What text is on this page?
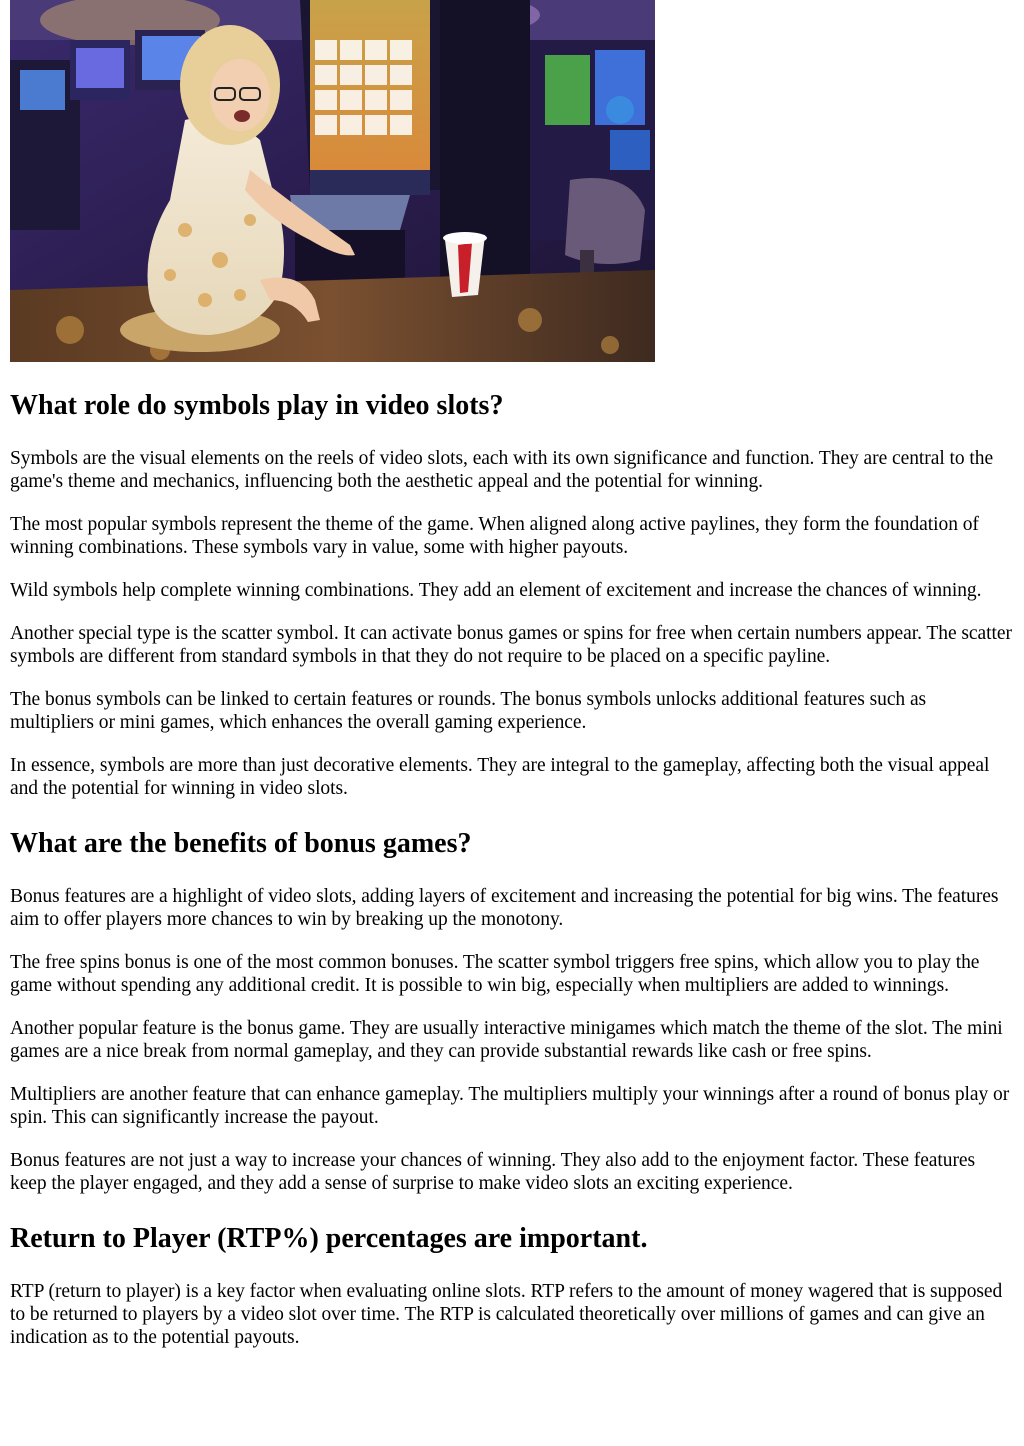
What role do symbols play in video slots?

Symbols are the visual elements on the reels of video slots, each with its own significance and function. They are central to the game's theme and mechanics, influencing both the aesthetic appeal and the potential for winning.

The most popular symbols represent the theme of the game. When aligned along active paylines, they form the foundation of winning combinations. These symbols vary in value, some with higher payouts.

Wild symbols help complete winning combinations. They add an element of excitement and increase the chances of winning.

Another special type is the scatter symbol. It can activate bonus games or spins for free when certain numbers appear. The scatter symbols are different from standard symbols in that they do not require to be placed on a specific payline.

The bonus symbols can be linked to certain features or rounds. The bonus symbols unlocks additional features such as multipliers or mini games, which enhances the overall gaming experience.

In essence, symbols are more than just decorative elements. They are integral to the gameplay, affecting both the visual appeal and the potential for winning in video slots.

What are the benefits of bonus games?

Bonus features are a highlight of video slots, adding layers of excitement and increasing the potential for big wins. The features aim to offer players more chances to win by breaking up the monotony.

The free spins bonus is one of the most common bonuses. The scatter symbol triggers free spins, which allow you to play the game without spending any additional credit. It is possible to win big, especially when multipliers are added to winnings.

Another popular feature is the bonus game. They are usually interactive minigames which match the theme of the slot. The mini games are a nice break from normal gameplay, and they can provide substantial rewards like cash or free spins.

Multipliers are another feature that can enhance gameplay. The multipliers multiply your winnings after a round of bonus play or spin. This can significantly increase the payout.

Bonus features are not just a way to increase your chances of winning. They also add to the enjoyment factor. These features keep the player engaged, and they add a sense of surprise to make video slots an exciting experience.

Return to Player (RTP%) percentages are important.

RTP (return to player) is a key factor when evaluating online slots. RTP refers to the amount of money wagered that is supposed to be returned to players by a video slot over time. The RTP is calculated theoretically over millions of games and can give an indication as to the potential payouts.
